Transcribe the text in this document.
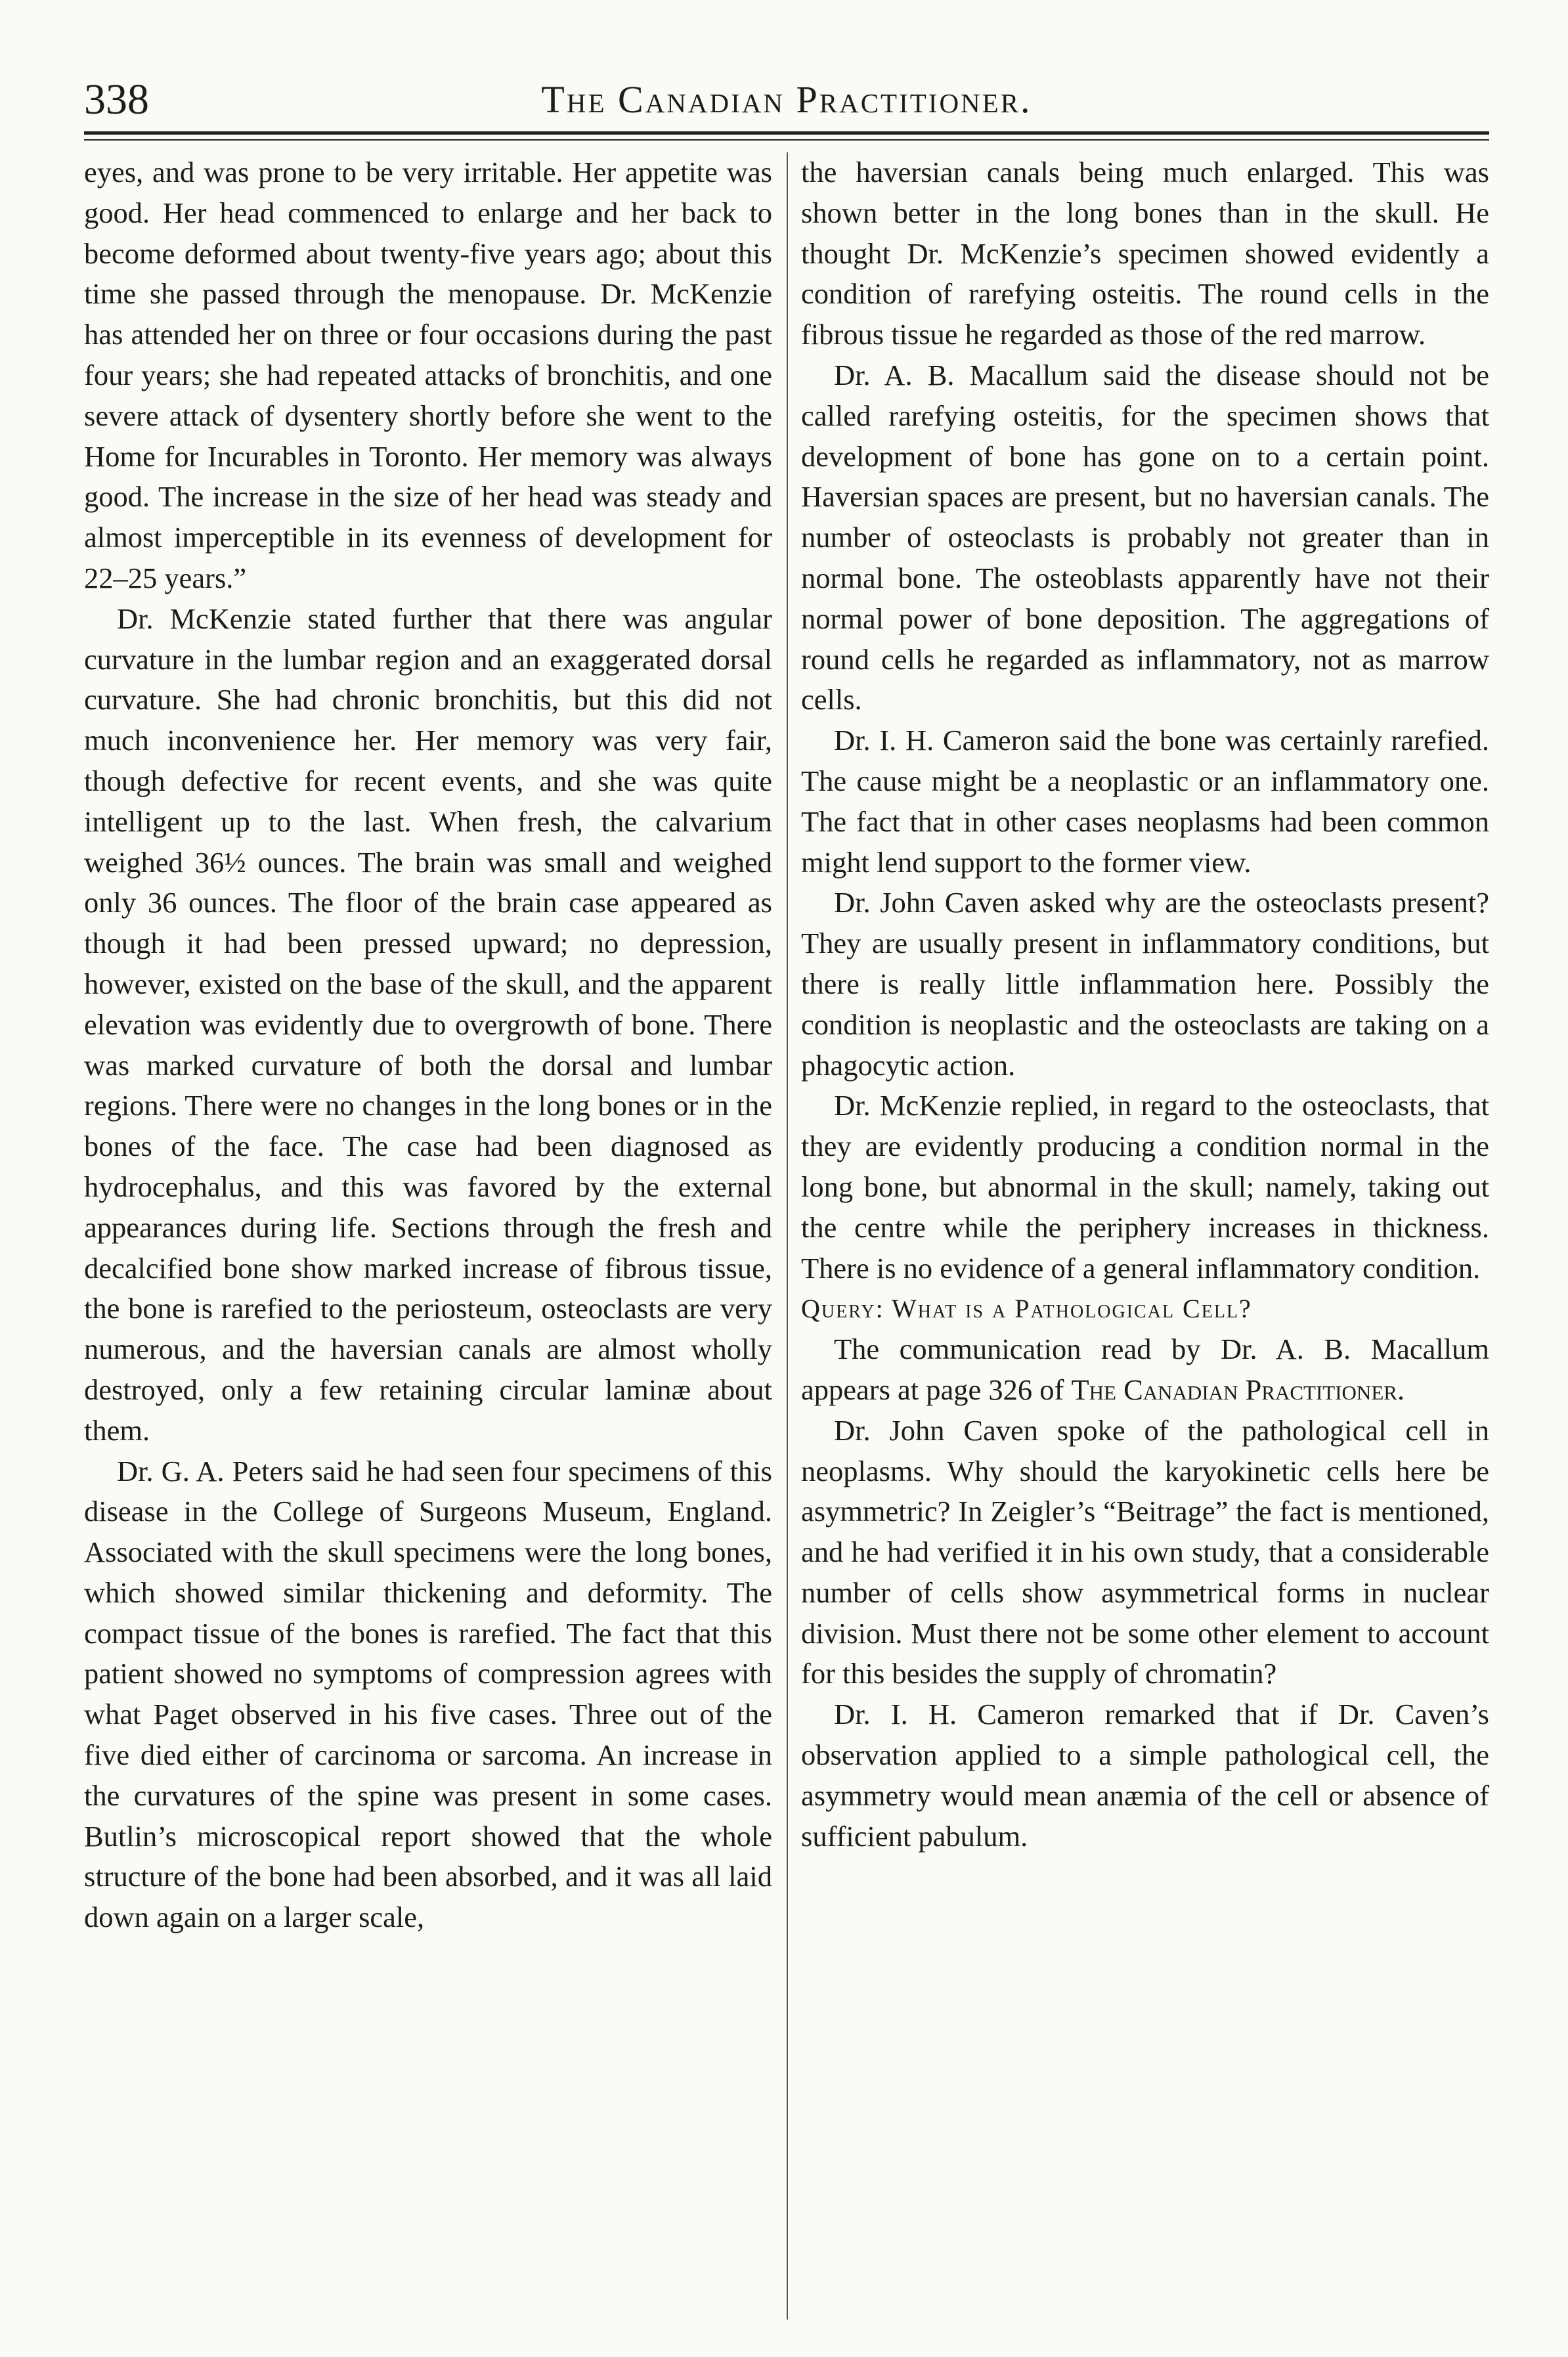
338	The Canadian Practitioner.

eyes, and was prone to be very irritable. Her appetite was good. Her head commenced to enlarge and her back to become deformed about twenty-five years ago; about this time she passed through the menopause. Dr. McKenzie has attended her on three or four occasions during the past four years; she had repeated attacks of bronchitis, and one severe attack of dysentery shortly before she went to the Home for Incurables in Toronto. Her memory was always good. The increase in the size of her head was steady and almost imperceptible in its evenness of development for 22–25 years.”

Dr. McKenzie stated further that there was angular curvature in the lumbar region and an exaggerated dorsal curvature. She had chronic bronchitis, but this did not much inconvenience her. Her memory was very fair, though defective for recent events, and she was quite intelligent up to the last. When fresh, the calvarium weighed 36½ ounces. The brain was small and weighed only 36 ounces. The floor of the brain case appeared as though it had been pressed upward; no depression, however, existed on the base of the skull, and the apparent elevation was evidently due to overgrowth of bone. There was marked curvature of both the dorsal and lumbar regions. There were no changes in the long bones or in the bones of the face. The case had been diagnosed as hydrocephalus, and this was favored by the external appearances during life. Sections through the fresh and decalcified bone show marked increase of fibrous tissue, the bone is rarefied to the periosteum, osteoclasts are very numerous, and the haversian canals are almost wholly destroyed, only a few retaining circular laminæ about them.

Dr. G. A. Peters said he had seen four specimens of this disease in the College of Surgeons Museum, England. Associated with the skull specimens were the long bones, which showed similar thickening and deformity. The compact tissue of the bones is rarefied. The fact that this patient showed no symptoms of compression agrees with what Paget observed in his five cases. Three out of the five died either of carcinoma or sarcoma. An increase in the curvatures of the spine was present in some cases. Butlin’s microscopical report showed that the whole structure of the bone had been absorbed, and it was all laid down again on a larger scale,

the haversian canals being much enlarged. This was shown better in the long bones than in the skull. He thought Dr. McKenzie’s specimen showed evidently a condition of rarefying osteitis. The round cells in the fibrous tissue he regarded as those of the red marrow.

Dr. A. B. Macallum said the disease should not be called rarefying osteitis, for the specimen shows that development of bone has gone on to a certain point. Haversian spaces are present, but no haversian canals. The number of osteoclasts is probably not greater than in normal bone. The osteoblasts apparently have not their normal power of bone deposition. The aggregations of round cells he regarded as inflammatory, not as marrow cells.

Dr. I. H. Cameron said the bone was certainly rarefied. The cause might be a neoplastic or an inflammatory one. The fact that in other cases neoplasms had been common might lend support to the former view.

Dr. John Caven asked why are the osteoclasts present? They are usually present in inflammatory conditions, but there is really little inflammation here. Possibly the condition is neoplastic and the osteoclasts are taking on a phagocytic action.

Dr. McKenzie replied, in regard to the osteoclasts, that they are evidently producing a condition normal in the long bone, but abnormal in the skull; namely, taking out the centre while the periphery increases in thickness. There is no evidence of a general inflammatory condition.

Query: What is a Pathological Cell?

The communication read by Dr. A. B. Macallum appears at page 326 of The Canadian Practitioner.

Dr. John Caven spoke of the pathological cell in neoplasms. Why should the karyokinetic cells here be asymmetric? In Zeigler’s “Beitrage” the fact is mentioned, and he had verified it in his own study, that a considerable number of cells show asymmetrical forms in nuclear division. Must there not be some other element to account for this besides the supply of chromatin?

Dr. I. H. Cameron remarked that if Dr. Caven’s observation applied to a simple pathological cell, the asymmetry would mean anæmia of the cell or absence of sufficient pabulum.
